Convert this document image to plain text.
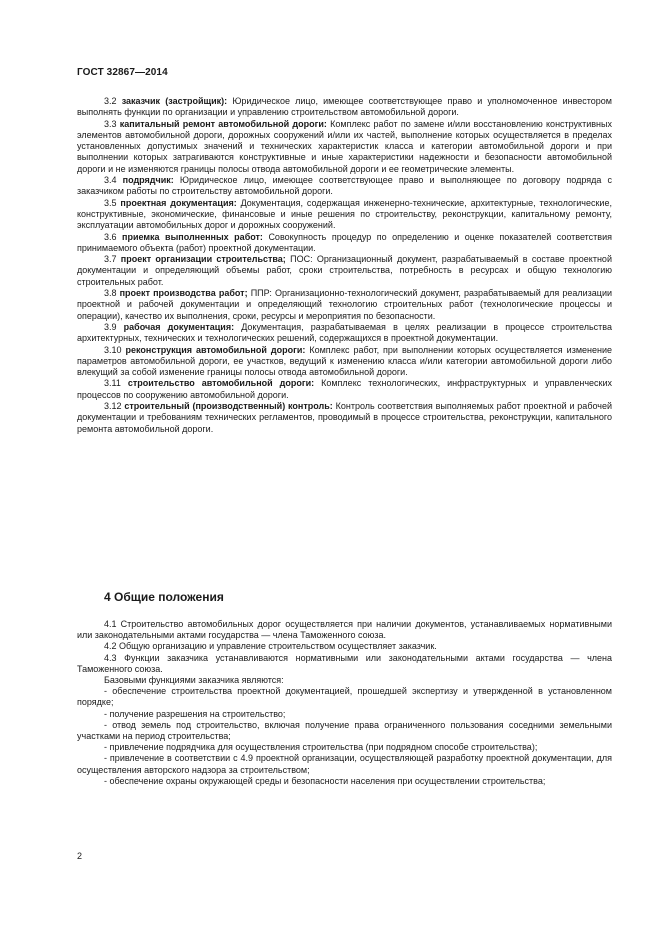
ГОСТ 32867—2014

3.2 заказчик (застройщик): Юридическое лицо, имеющее соответствующее право и уполномоченное инвестором выполнять функции по организации и управлению строительством автомобильной дороги.

3.3 капитальный ремонт автомобильной дороги: Комплекс работ по замене и/или восстановлению конструктивных элементов автомобильной дороги, дорожных сооружений и/или их частей, выполнение которых осуществляется в пределах установленных допустимых значений и технических характеристик класса и категории автомобильной дороги и при выполнении которых затрагиваются конструктивные и иные характеристики надежности и безопасности автомобильной дороги и не изменяются границы полосы отвода автомобильной дороги и ее геометрические элементы.

3.4 подрядчик: Юридическое лицо, имеющее соответствующее право и выполняющее по договору подряда с заказчиком работы по строительству автомобильной дороги.

3.5 проектная документация: Документация, содержащая инженерно-технические, архитектурные, технологические, конструктивные, экономические, финансовые и иные решения по строительству, реконструкции, капитальному ремонту, эксплуатации автомобильных дорог и дорожных сооружений.

3.6 приемка выполненных работ: Совокупность процедур по определению и оценке показателей соответствия принимаемого объекта (работ) проектной документации.

3.7 проект организации строительства; ПОС: Организационный документ, разрабатываемый в составе проектной документации и определяющий объемы работ, сроки строительства, потребность в ресурсах и общую технологию строительных работ.

3.8 проект производства работ; ППР: Организационно-технологический документ, разрабатываемый для реализации проектной и рабочей документации и определяющий технологию строительных работ (технологические процессы и операции), качество их выполнения, сроки, ресурсы и мероприятия по безопасности.

3.9 рабочая документация: Документация, разрабатываемая в целях реализации в процессе строительства архитектурных, технических и технологических решений, содержащихся в проектной документации.

3.10 реконструкция автомобильной дороги: Комплекс работ, при выполнении которых осуществляется изменение параметров автомобильной дороги, ее участков, ведущий к изменению класса и/или категории автомобильной дороги либо влекущий за собой изменение границы полосы отвода автомобильной дороги.

3.11 строительство автомобильной дороги: Комплекс технологических, инфраструктурных и управленческих процессов по сооружению автомобильной дороги.

3.12 строительный (производственный) контроль: Контроль соответствия выполняемых работ проектной и рабочей документации и требованиям технических регламентов, проводимый в процессе строительства, реконструкции, капитального ремонта автомобильной дороги.

4 Общие положения

4.1 Строительство автомобильных дорог осуществляется при наличии документов, устанавливаемых нормативными или законодательными актами государства — члена Таможенного союза.

4.2 Общую организацию и управление строительством осуществляет заказчик.

4.3 Функции заказчика устанавливаются нормативными или законодательными актами государства — члена Таможенного союза.

Базовыми функциями заказчика являются:

- обеспечение строительства проектной документацией, прошедшей экспертизу и утвержденной в установленном порядке;

- получение разрешения на строительство;

- отвод земель под строительство, включая получение права ограниченного пользования соседними земельными участками на период строительства;

- привлечение подрядчика для осуществления строительства (при подрядном способе строительства);

- привлечение в соответствии с 4.9 проектной организации, осуществляющей разработку проектной документации, для осуществления авторского надзора за строительством;

- обеспечение охраны окружающей среды и безопасности населения при осуществлении строительства;

2
